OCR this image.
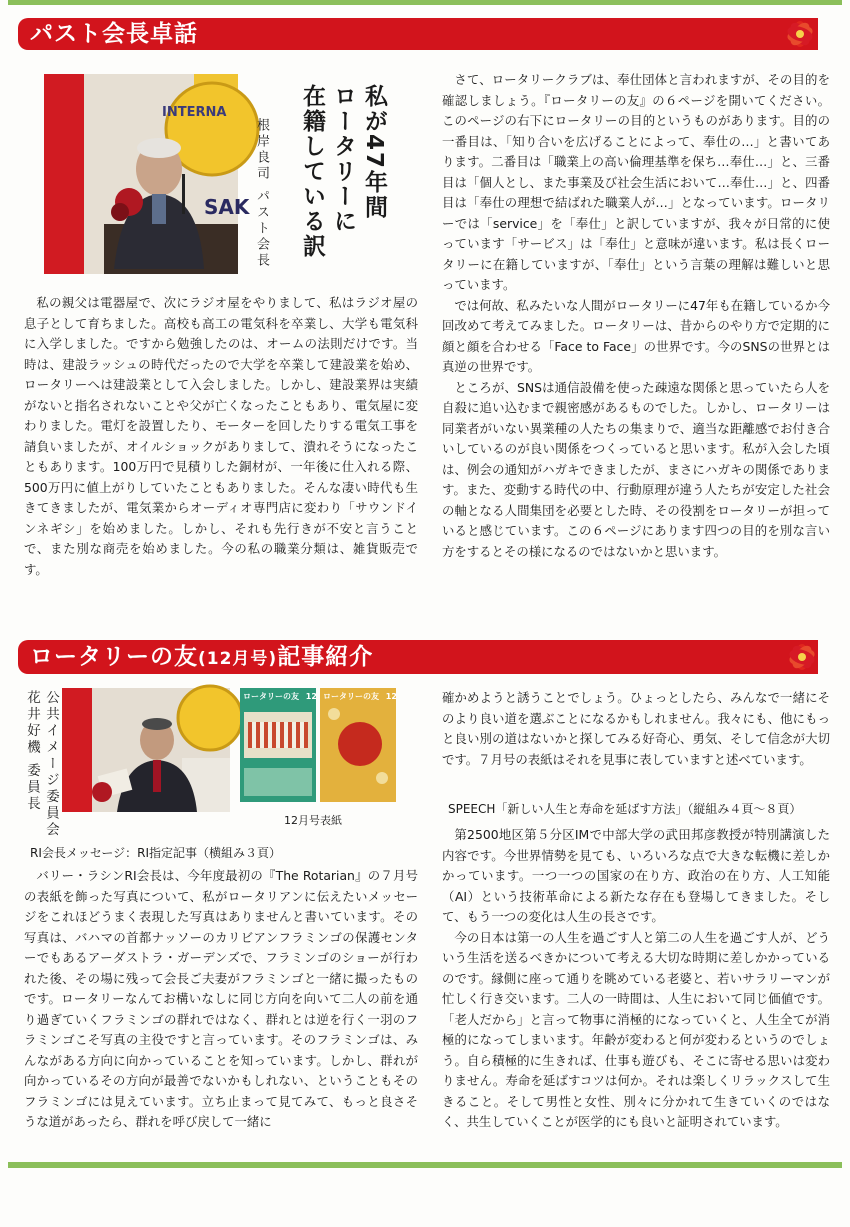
パスト会長卓話
INTERNA
SAK	私が47年間
ロータリーに
在籍している訳
根岸良司 パスト会長

私の親父は電器屋で、次にラジオ屋をやりまして、私はラジオ屋の息子として育ちました。高校も高工の電気科を卒業し、大学も電気科に入学しました。ですから勉強したのは、オームの法則だけです。当時は、建設ラッシュの時代だったので大学を卒業して建設業を始め、ロータリーへは建設業として入会しました。しかし、建設業界は実績がないと指名されないことや父が亡くなったこともあり、電気屋に変わりました。電灯を設置したり、モーターを回したりする電気工事を請負いましたが、オイルショックがありまして、潰れそうになったこともあります。100万円で見積りした銅材が、一年後に仕入れる際、500万円に値上がりしていたこともありました。そんな凄い時代も生きてきましたが、電気業からオーディオ専門店に変わり「サウンドインネギシ」を始めました。しかし、それも先行きが不安と言うことで、また別な商売を始めました。今の私の職業分類は、雑貨販売です。

さて、ロータリークラブは、奉仕団体と言われますが、その目的を確認しましょう。『ロータリーの友』の６ページを開いてください。このページの右下にロータリーの目的というものがあります。目的の一番目は、「知り合いを広げることによって、奉仕の…」と書いてあります。二番目は「職業上の高い倫理基準を保ち…奉仕…」と、三番目は「個人とし、また事業及び社会生活において…奉仕…」と、四番目は「奉仕の理想で結ばれた職業人が…」となっています。ロータリーでは「service」を「奉仕」と訳していますが、我々が日常的に使っています「サービス」は「奉仕」と意味が違います。私は長くロータリーに在籍していますが、「奉仕」という言葉の理解は難しいと思っています。

では何故、私みたいな人間がロータリーに47年も在籍しているか今回改めて考えてみました。ロータリーは、昔からのやり方で定期的に顔と顔を合わせる「Face to Face」の世界です。今のSNSの世界とは真逆の世界です。

ところが、SNSは通信設備を使った疎遠な関係と思っていたら人を自殺に追い込むまで親密感があるものでした。しかし、ロータリーは同業者がいない異業種の人たちの集まりで、適当な距離感でお付き合いしているのが良い関係をつくっていると思います。私が入会した頃は、例会の通知がハガキできましたが、まさにハガキの関係であります。また、変動する時代の中、行動原理が違う人たちが安定した社会の軸となる人間集団を必要とした時、その役割をロータリーが担っていると感じています。この６ページにあります四つの目的を別な言い方をするとその様になるのではないかと思います。

ロータリーの友(12月号)記事紹介
公共イメージ委員会
花井好機 委員長	ロータリーの友 12 ロータリーの友 12
12月号表紙
RI会長メッセージ：RI指定記事（横組み３頁）

バリー・ラシンRI会長は、今年度最初の『The Rotarian』の７月号の表紙を飾った写真について、私がロータリアンに伝えたいメッセージをこれほどうまく表現した写真はありませんと書いています。その写真は、バハマの首都ナッソーのカリビアンフラミンゴの保護センターでもあるアーダストラ・ガーデンズで、フラミンゴのショーが行われた後、その場に残って会長ご夫妻がフラミンゴと一緒に撮ったものです。ロータリーなんてお構いなしに同じ方向を向いて二人の前を通り過ぎていくフラミンゴの群れではなく、群れとは逆を行く一羽のフラミンゴこそ写真の主役ですと言っています。そのフラミンゴは、みんながある方向に向かっていることを知っています。しかし、群れが向かっているその方向が最善でないかもしれない、ということもそのフラミンゴには見えています。立ち止まって見てみて、もっと良さそうな道があったら、群れを呼び戻して一緒に

確かめようと誘うことでしょう。ひょっとしたら、みんなで一緒にそのより良い道を選ぶことになるかもしれません。我々にも、他にもっと良い別の道はないかと探してみる好奇心、勇気、そして信念が大切です。７月号の表紙はそれを見事に表していますと述べています。

SPEECH「新しい人生と寿命を延ばす方法」（縦組み４頁～８頁）

第2500地区第５分区IMで中部大学の武田邦彦教授が特別講演した内容です。今世界情勢を見ても、いろいろな点で大きな転機に差しかかっています。一つ一つの国家の在り方、政治の在り方、人工知能（AI）という技術革命による新たな存在も登場してきました。そして、もう一つの変化は人生の長さです。

今の日本は第一の人生を過ごす人と第二の人生を過ごす人が、どういう生活を送るべきかについて考える大切な時期に差しかかっているのです。縁側に座って通りを眺めている老婆と、若いサラリーマンが忙しく行き交います。二人の一時間は、人生において同じ価値です。「老人だから」と言って物事に消極的になっていくと、人生全てが消極的になってしまいます。年齢が変わると何が変わるというのでしょう。自ら積極的に生きれば、仕事も遊びも、そこに寄せる思いは変わりません。寿命を延ばすコツは何か。それは楽しくリラックスして生きること。そして男性と女性、別々に分かれて生きていくのではなく、共生していくことが医学的にも良いと証明されています。
